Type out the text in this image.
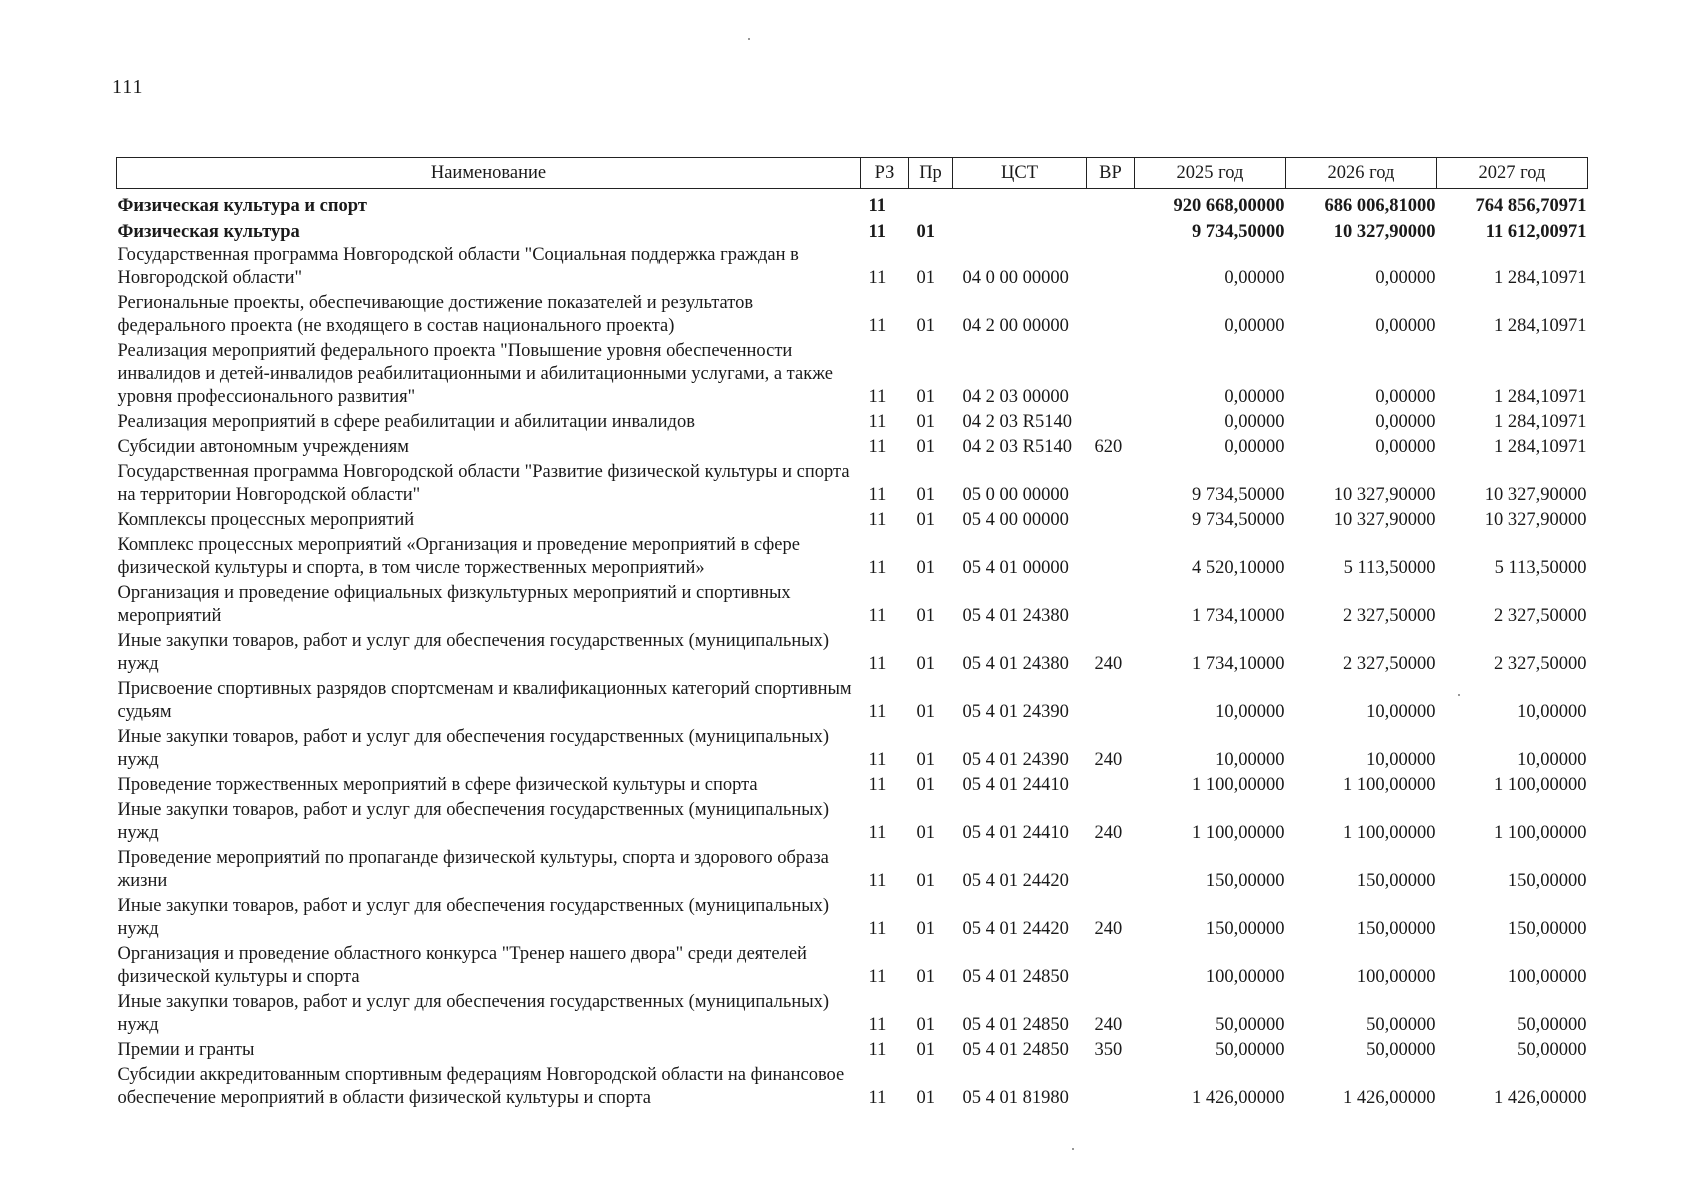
111
Наименование	РЗ	Пр	ЦСТ	ВР	2025 год	2026 год	2027 год
Физическая культура и спорт	11				920 668,00000	686 006,81000	764 856,70971
Физическая культура	11	01			9 734,50000	10 327,90000	11 612,00971
Государственная программа Новгородской области "Социальная поддержка граждан в Новгородской области"	11	01	04 0 00 00000		0,00000	0,00000	1 284,10971
Региональные проекты, обеспечивающие достижение показателей и результатов федерального проекта (не входящего в состав национального проекта)	11	01	04 2 00 00000		0,00000	0,00000	1 284,10971
Реализация мероприятий федерального проекта "Повышение уровня обеспеченности инвалидов и детей-инвалидов реабилитационными и абилитационными услугами, а также уровня профессионального развития"	11	01	04 2 03 00000		0,00000	0,00000	1 284,10971
Реализация мероприятий в сфере реабилитации и абилитации инвалидов	11	01	04 2 03 R5140		0,00000	0,00000	1 284,10971
Субсидии автономным учреждениям	11	01	04 2 03 R5140	620	0,00000	0,00000	1 284,10971
Государственная программа Новгородской области "Развитие физической культуры и спорта на территории Новгородской области"	11	01	05 0 00 00000		9 734,50000	10 327,90000	10 327,90000
Комплексы процессных мероприятий	11	01	05 4 00 00000		9 734,50000	10 327,90000	10 327,90000
Комплекс процессных мероприятий «Организация и проведение мероприятий в сфере физической культуры и спорта, в том числе торжественных мероприятий»	11	01	05 4 01 00000		4 520,10000	5 113,50000	5 113,50000
Организация и проведение официальных физкультурных мероприятий и спортивных мероприятий	11	01	05 4 01 24380		1 734,10000	2 327,50000	2 327,50000
Иные закупки товаров, работ и услуг для обеспечения государственных (муниципальных) нужд	11	01	05 4 01 24380	240	1 734,10000	2 327,50000	2 327,50000
Присвоение спортивных разрядов спортсменам и квалификационных категорий спортивным судьям	11	01	05 4 01 24390		10,00000	10,00000	10,00000
Иные закупки товаров, работ и услуг для обеспечения государственных (муниципальных) нужд	11	01	05 4 01 24390	240	10,00000	10,00000	10,00000
Проведение торжественных мероприятий в сфере физической культуры и спорта	11	01	05 4 01 24410		1 100,00000	1 100,00000	1 100,00000
Иные закупки товаров, работ и услуг для обеспечения государственных (муниципальных) нужд	11	01	05 4 01 24410	240	1 100,00000	1 100,00000	1 100,00000
Проведение мероприятий по пропаганде физической культуры, спорта и здорового образа жизни	11	01	05 4 01 24420		150,00000	150,00000	150,00000
Иные закупки товаров, работ и услуг для обеспечения государственных (муниципальных) нужд	11	01	05 4 01 24420	240	150,00000	150,00000	150,00000
Организация и проведение областного конкурса "Тренер нашего двора" среди деятелей физической культуры и спорта	11	01	05 4 01 24850		100,00000	100,00000	100,00000
Иные закупки товаров, работ и услуг для обеспечения государственных (муниципальных) нужд	11	01	05 4 01 24850	240	50,00000	50,00000	50,00000
Премии и гранты	11	01	05 4 01 24850	350	50,00000	50,00000	50,00000
Субсидии аккредитованным спортивным федерациям Новгородской области на финансовое обеспечение мероприятий в области физической культуры и спорта	11	01	05 4 01 81980		1 426,00000	1 426,00000	1 426,00000
